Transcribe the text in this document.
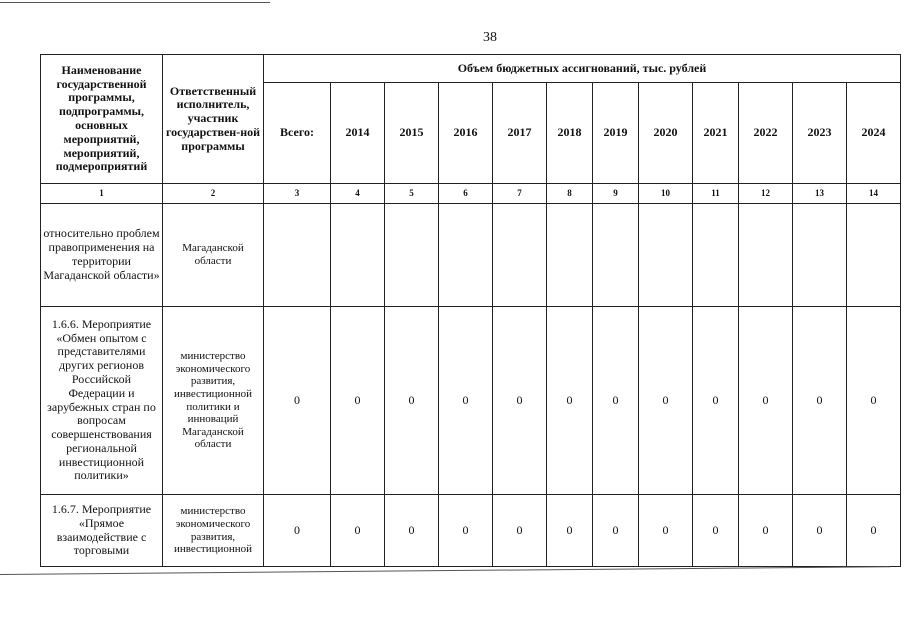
38
Наименование государственной программы, подпрограммы, основных мероприятий, мероприятий, подмероприятий	Ответственный исполнитель, участник государствен-ной программы	Объем бюджетных ассигнований, тыс. рублей											
		Всего:	2014	2015	2016	2017	2018	2019	2020	2021	2022	2023	2024
1	2	3	4	5	6	7	8	9	10	11	12	13	14
относительно проблем правоприменения на территории Магаданской области»	Магаданской области												
1.6.6. Мероприятие «Обмен опытом с представителями других регионов Российской Федерации и зарубежных стран по вопросам совершенствования региональной инвестиционной политики»	министерство экономического развития, инвестиционной политики и инноваций Магаданской области	0	0	0	0	0	0	0	0	0	0	0	0
1.6.7. Мероприятие «Прямое взаимодействие с торговыми	министерство экономического развития, инвестиционной	0	0	0	0	0	0	0	0	0	0	0	0
